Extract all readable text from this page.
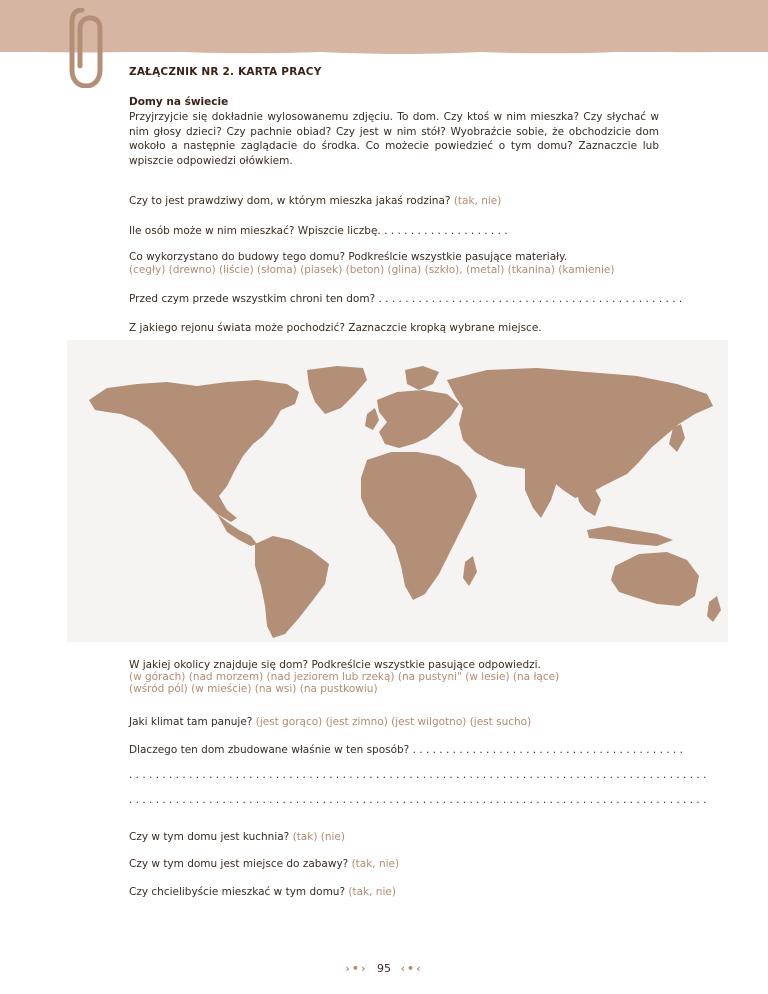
ZAŁĄCZNIK NR 2. KARTA PRACY
Domy na świecie
Przyjrzyjcie się dokładnie wylosowanemu zdjęciu. To dom. Czy ktoś w nim mieszka? Czy słychać w nim głosy dzieci? Czy pachnie obiad? Czy jest w nim stół? Wyobraźcie sobie, że obchodzicie dom wokoło a następnie zaglądacie do środka. Co możecie powiedzieć o tym domu? Zaznaczcie lub wpiszcie odpowiedzi ołówkiem.
Czy to jest prawdziwy dom, w którym mieszka jakaś rodzina? (tak, nie)
Ile osób może w nim mieszkać? Wpiszcie liczbę. . . . . . . . . . . . . . . . . . . .
Co wykorzystano do budowy tego domu? Podkreślcie wszystkie pasujące materiały.
(cegły) (drewno) (liście) (słoma) (piasek) (beton) (glina) (szkło), (metal) (tkanina) (kamienie)
Przed czym przede wszystkim chroni ten dom? . . . . . . . . . . . . . . . . . . . . . . . . . . . . . . . . . . . . . . . . . . . . . .
Z jakiego rejonu świata może pochodzić? Zaznaczcie kropką wybrane miejsce.
W jakiej okolicy znajduje się dom? Podkreślcie wszystkie pasujące odpowiedzi.
(w górach) (nad morzem) (nad jeziorem lub rzeką) (na pustyni" (w lesie) (na łące)
(wśród pól) (w mieście) (na wsi) (na pustkowiu)
Jaki klimat tam panuje? (jest gorąco) (jest zimno) (jest wilgotno) (jest sucho)
Dlaczego ten dom zbudowane właśnie w ten sposób? . . . . . . . . . . . . . . . . . . . . . . . . . . . . . . . . . . . . . . . . .
. . . . . . . . . . . . . . . . . . . . . . . . . . . . . . . . . . . . . . . . . . . . . . . . . . . . . . . . . . . . . . . . . . . . . . . . . . . . . . . . . . . . . . .
. . . . . . . . . . . . . . . . . . . . . . . . . . . . . . . . . . . . . . . . . . . . . . . . . . . . . . . . . . . . . . . . . . . . . . . . . . . . . . . . . . . . . . .
Czy w tym domu jest kuchnia? (tak) (nie)
Czy w tym domu jest miejsce do zabawy? (tak, nie)
Czy chcielibyście mieszkać w tym domu? (tak, nie)
›•› 95 ‹•‹
